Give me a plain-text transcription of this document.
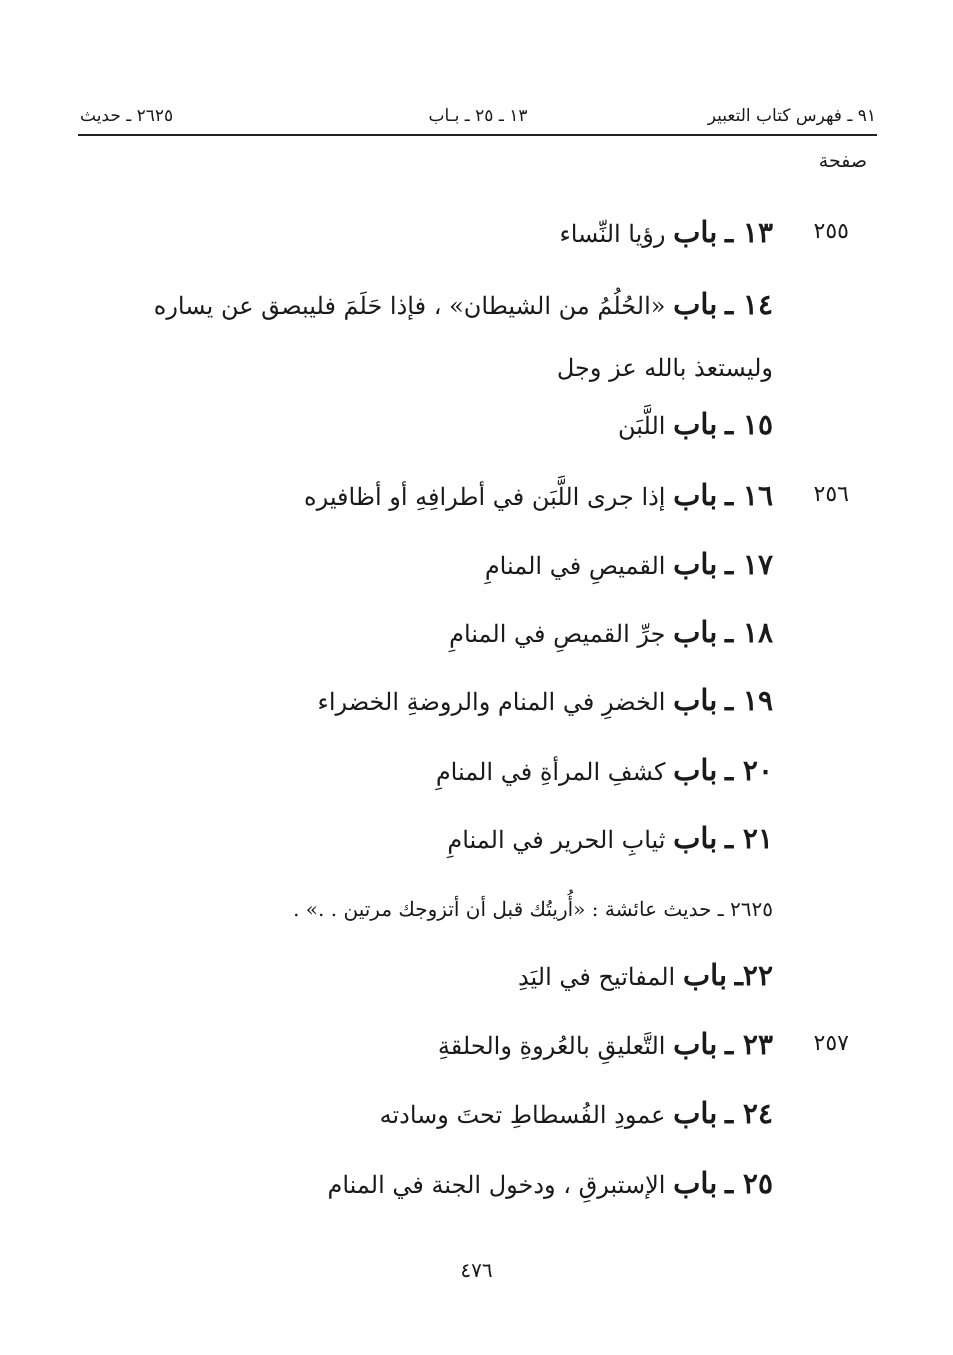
٩١ ـ فهرس كتاب التعبير
١٣ ـ ٢٥ ـ بـاب
٢٦٢٥ ـ حديث
صفحة
٢٥٥
١٣ ـ باب رؤيا النِّساء
١٤ ـ باب «الحُلُمُ من الشيطان» ، فإذا حَلَمَ فليبصق عن يساره وليستعذ بالله عز وجل
١٥ ـ باب اللَّبَن
٢٥٦
١٦ ـ باب إذا جرى اللَّبَن في أطرافِهِ أو أظافيره
١٧ ـ باب القميصِ في المنامِ
١٨ ـ باب جرِّ القميصِ في المنامِ
١٩ ـ باب الخضرِ في المنام والروضةِ الخضراء
٢٠ ـ باب كشفِ المرأةِ في المنامِ
٢١ ـ باب ثيابِ الحرير في المنامِ
٢٦٢٥ ـ حديث عائشة : «أُريتُك قبل أن أتزوجك مرتين . .» .
٢٢ـ باب المفاتيح في اليَدِ
٢٥٧
٢٣ ـ باب التَّعليقِ بالعُروةِ والحلقةِ
٢٤ ـ باب عمودِ الفُسطاطِ تحتَ وسادته
٢٥ ـ باب الإستبرقِ ، ودخول الجنة في المنام
٤٧٦
